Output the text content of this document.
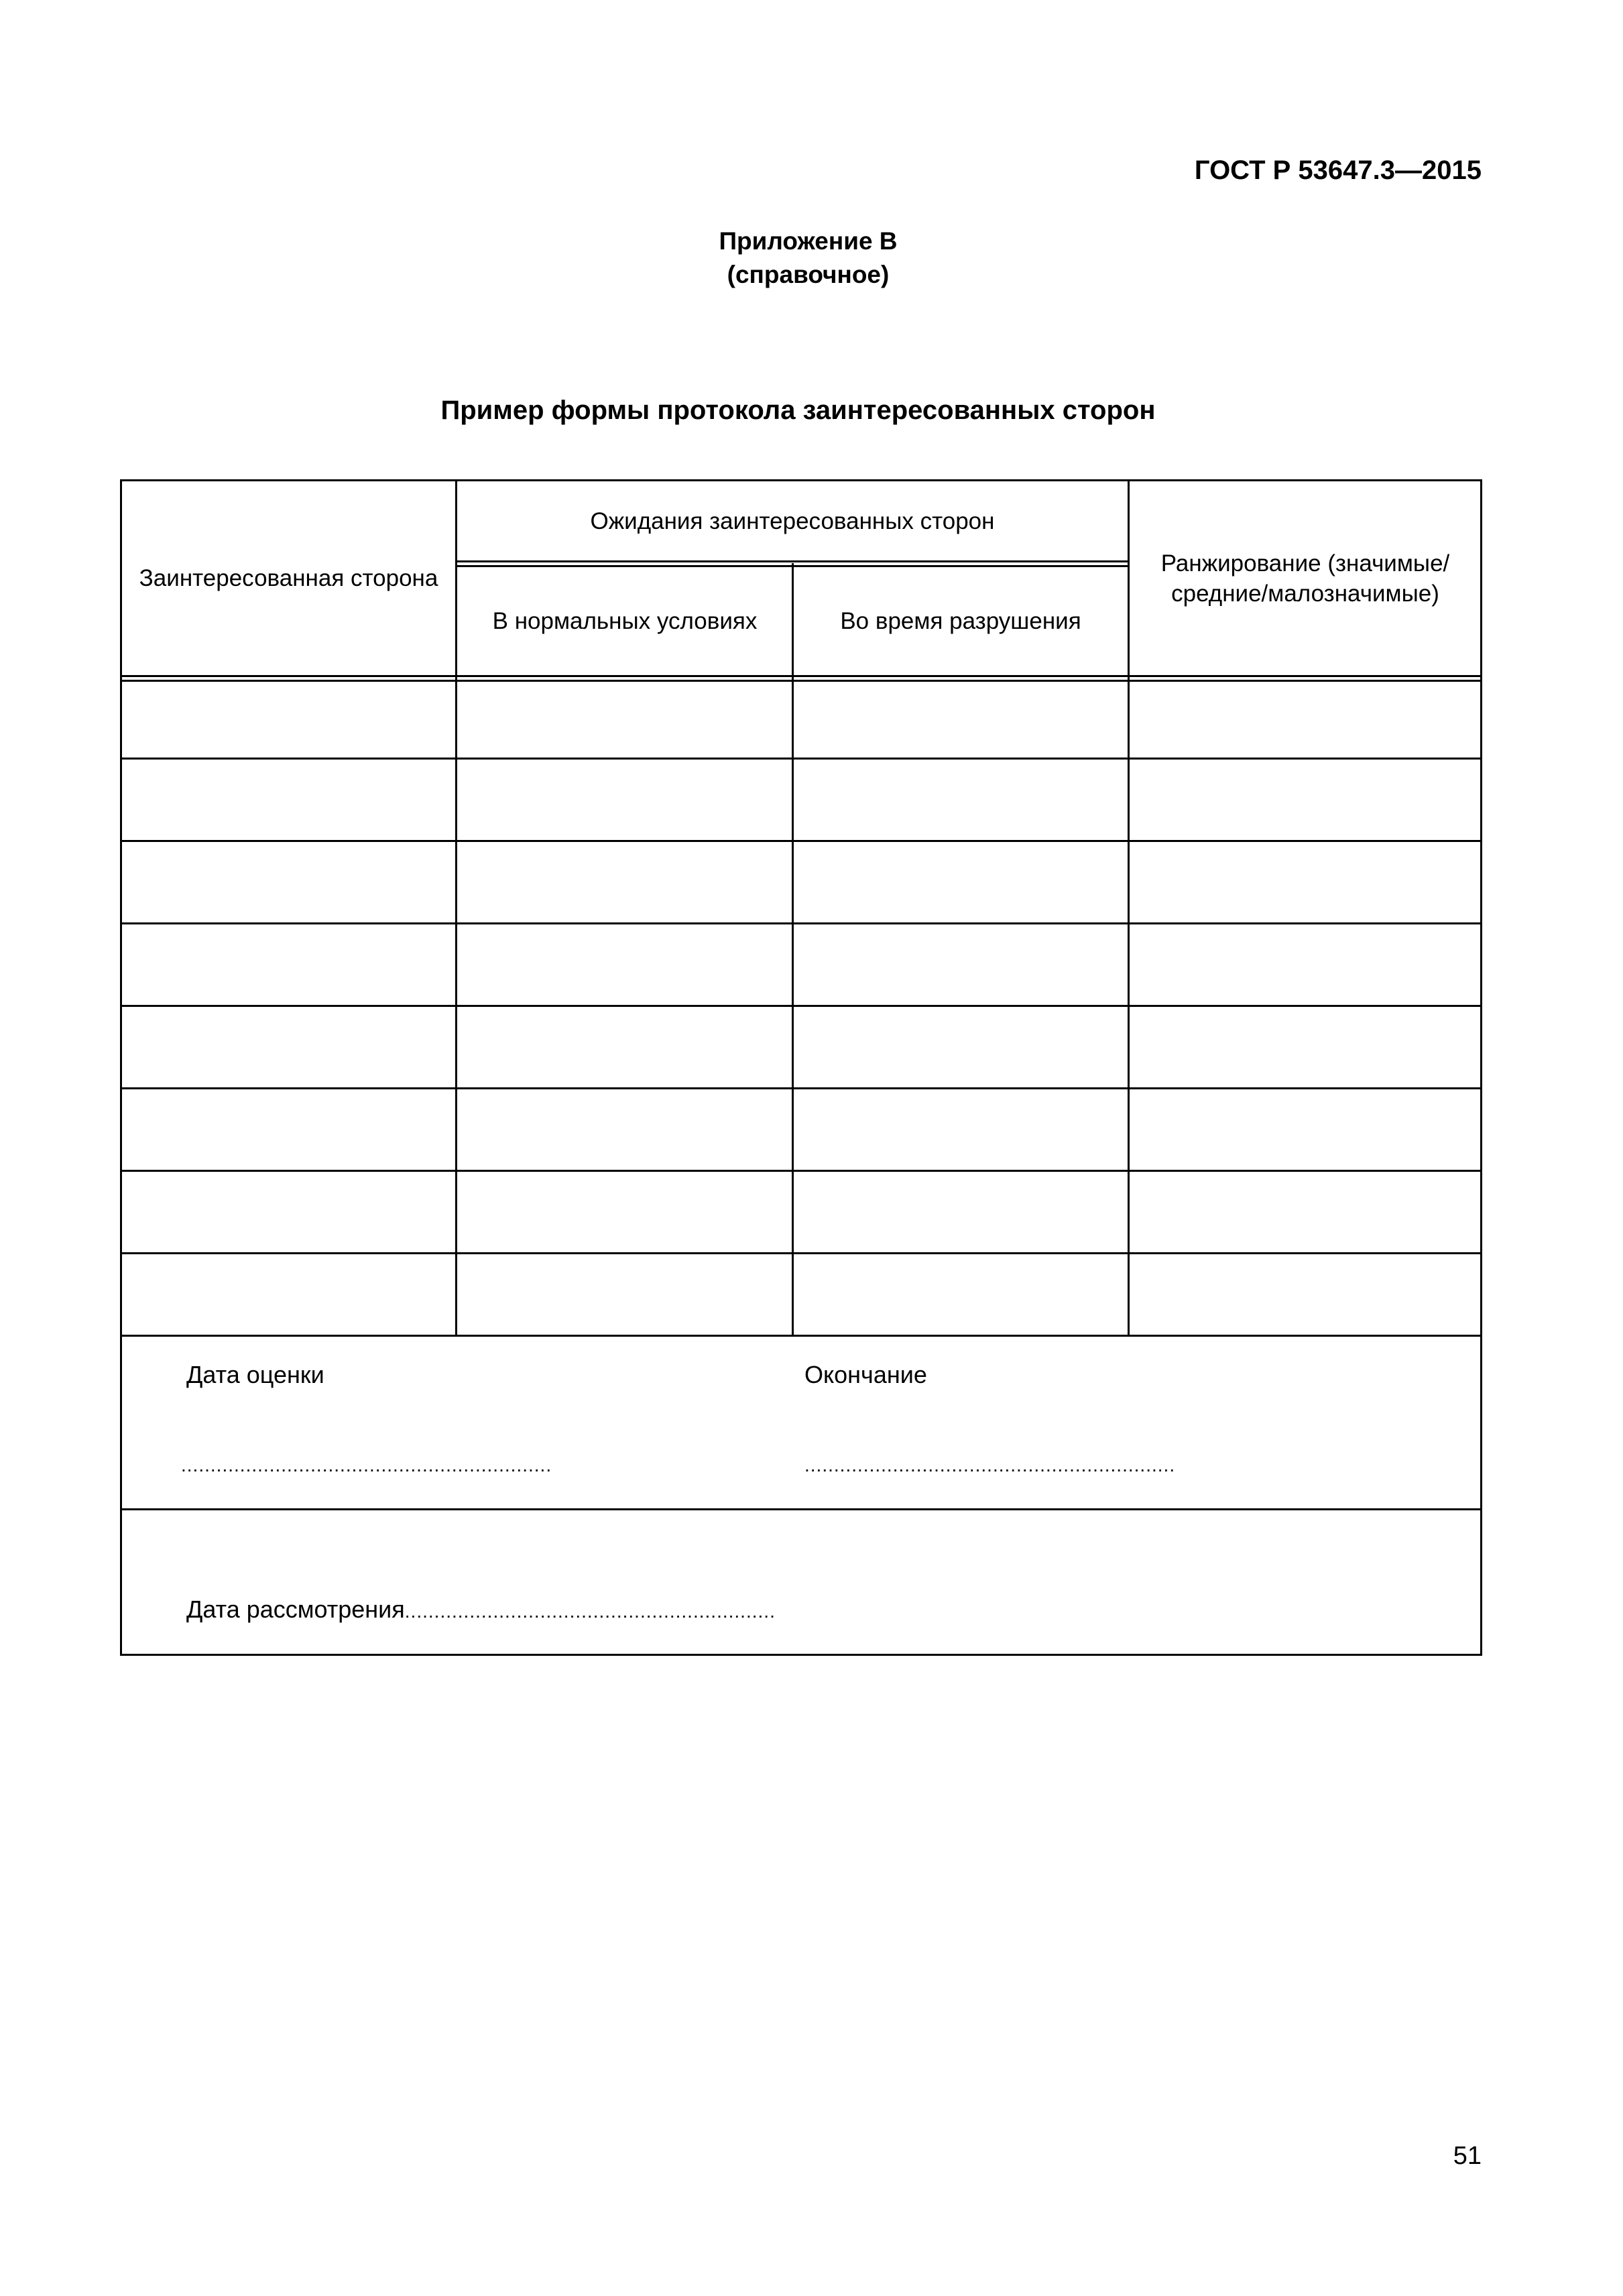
ГОСТ Р 53647.3—2015
Приложение В
(справочное)
Пример формы протокола заинтересованных сторон
Заинтересованная сторона
Ожидания заинтересованных сторон
В нормальных условиях	Во время разрушения
Ранжирование (значимые/средние/малозначимые)
Дата оценки
...............................................................
Окончание
...............................................................
Дата рассмотрения...............................................................
51
